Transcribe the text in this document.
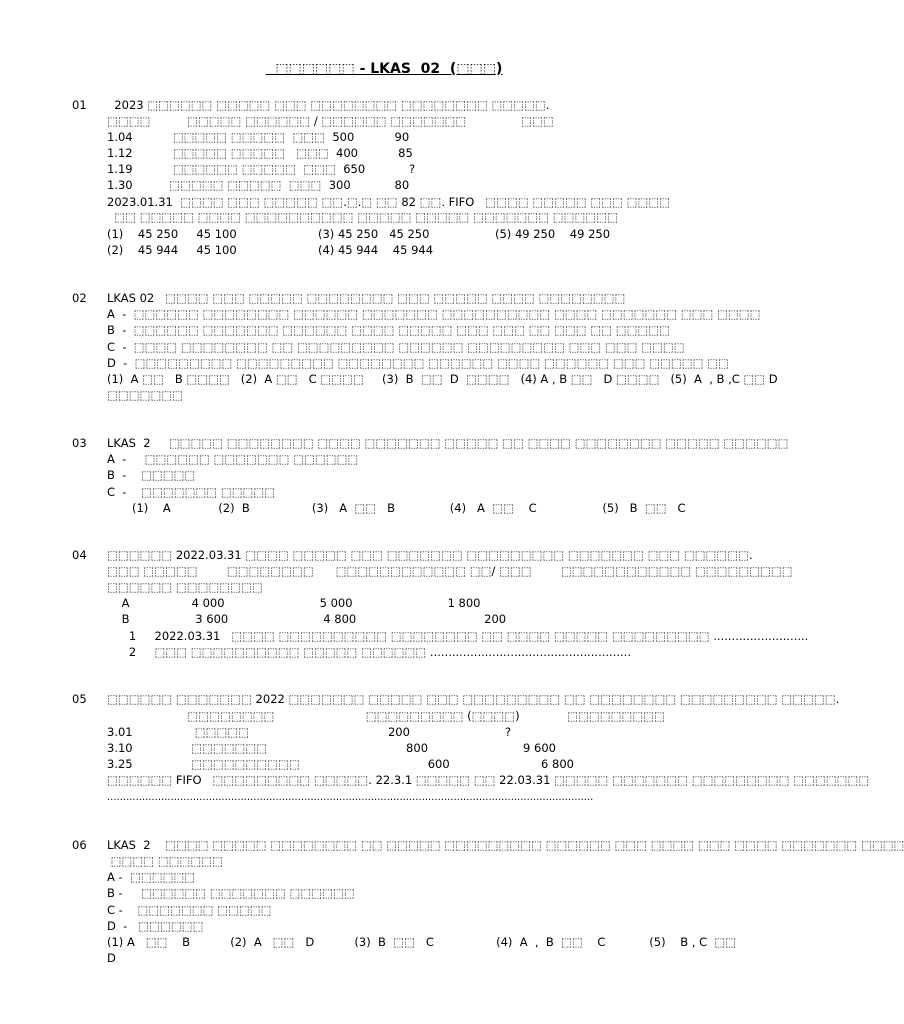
⬚⬚⬚⬚⬚⬚ - LKAS  02  (⬚⬚⬚)
01 2023 ⬚⬚⬚⬚⬚⬚ ⬚⬚⬚⬚⬚ ⬚⬚⬚ ⬚⬚⬚⬚⬚⬚⬚⬚ ⬚⬚⬚⬚⬚⬚⬚⬚ ⬚⬚⬚⬚⬚.
⬚⬚⬚⬚          ⬚⬚⬚⬚⬚ ⬚⬚⬚⬚⬚⬚ / ⬚⬚⬚⬚⬚⬚ ⬚⬚⬚⬚⬚⬚⬚               ⬚⬚⬚
1.04           ⬚⬚⬚⬚⬚ ⬚⬚⬚⬚⬚  ⬚⬚⬚  500           90
1.12           ⬚⬚⬚⬚⬚ ⬚⬚⬚⬚⬚   ⬚⬚⬚  400           85
1.19           ⬚⬚⬚⬚⬚⬚ ⬚⬚⬚⬚⬚  ⬚⬚⬚  650            ?
1.30          ⬚⬚⬚⬚⬚ ⬚⬚⬚⬚⬚  ⬚⬚⬚  300            80
2023.01.31  ⬚⬚⬚⬚ ⬚⬚⬚ ⬚⬚⬚⬚⬚ ⬚⬚.⬚.⬚ ⬚⬚ 82 ⬚⬚. FIFO   ⬚⬚⬚⬚ ⬚⬚⬚⬚⬚ ⬚⬚⬚ ⬚⬚⬚⬚
⬚⬚ ⬚⬚⬚⬚⬚ ⬚⬚⬚⬚ ⬚⬚⬚⬚⬚⬚⬚⬚⬚⬚ ⬚⬚⬚⬚⬚ ⬚⬚⬚⬚⬚ ⬚⬚⬚⬚⬚⬚⬚ ⬚⬚⬚⬚⬚⬚
(1)    45 250     45 100	(3) 45 250   45 250	(5) 49 250    49 250
(2)    45 944     45 100	(4) 45 944    45 944
02 LKAS 02   ⬚⬚⬚⬚ ⬚⬚⬚ ⬚⬚⬚⬚⬚ ⬚⬚⬚⬚⬚⬚⬚⬚ ⬚⬚⬚ ⬚⬚⬚⬚⬚ ⬚⬚⬚⬚ ⬚⬚⬚⬚⬚⬚⬚⬚
A  -  ⬚⬚⬚⬚⬚⬚ ⬚⬚⬚⬚⬚⬚⬚⬚ ⬚⬚⬚⬚⬚⬚ ⬚⬚⬚⬚⬚⬚⬚ ⬚⬚⬚⬚⬚⬚⬚⬚⬚⬚ ⬚⬚⬚⬚ ⬚⬚⬚⬚⬚⬚⬚ ⬚⬚⬚ ⬚⬚⬚⬚
B  -  ⬚⬚⬚⬚⬚⬚ ⬚⬚⬚⬚⬚⬚⬚ ⬚⬚⬚⬚⬚⬚ ⬚⬚⬚⬚ ⬚⬚⬚⬚⬚ ⬚⬚⬚ ⬚⬚⬚ ⬚⬚ ⬚⬚⬚ ⬚⬚ ⬚⬚⬚⬚⬚
C  -  ⬚⬚⬚⬚ ⬚⬚⬚⬚⬚⬚⬚⬚ ⬚⬚ ⬚⬚⬚⬚⬚⬚⬚⬚⬚ ⬚⬚⬚⬚⬚⬚ ⬚⬚⬚⬚⬚⬚⬚⬚⬚ ⬚⬚⬚ ⬚⬚⬚ ⬚⬚⬚⬚
D  -  ⬚⬚⬚⬚⬚⬚⬚⬚⬚ ⬚⬚⬚⬚⬚⬚⬚⬚⬚ ⬚⬚⬚⬚⬚⬚⬚⬚ ⬚⬚⬚⬚⬚⬚ ⬚⬚⬚⬚ ⬚⬚⬚⬚⬚⬚ ⬚⬚⬚ ⬚⬚⬚⬚⬚ ⬚⬚
(1)  A ⬚⬚   B ⬚⬚⬚⬚   (2)  A ⬚⬚   C ⬚⬚⬚⬚     (3)  B  ⬚⬚  D  ⬚⬚⬚⬚   (4) A , B ⬚⬚   D ⬚⬚⬚⬚   (5)  A  , B ,C ⬚⬚ D
⬚⬚⬚⬚⬚⬚⬚
03 LKAS  2     ⬚⬚⬚⬚⬚ ⬚⬚⬚⬚⬚⬚⬚⬚ ⬚⬚⬚⬚ ⬚⬚⬚⬚⬚⬚⬚ ⬚⬚⬚⬚⬚ ⬚⬚ ⬚⬚⬚⬚ ⬚⬚⬚⬚⬚⬚⬚⬚ ⬚⬚⬚⬚⬚ ⬚⬚⬚⬚⬚⬚
A  -     ⬚⬚⬚⬚⬚⬚ ⬚⬚⬚⬚⬚⬚⬚ ⬚⬚⬚⬚⬚⬚
B  -    ⬚⬚⬚⬚⬚
C  -    ⬚⬚⬚⬚⬚⬚⬚ ⬚⬚⬚⬚⬚
(1)    A             (2)  B                 (3)   A  ⬚⬚   B               (4)   A  ⬚⬚    C                  (5)   B  ⬚⬚   C
04 ⬚⬚⬚⬚⬚⬚ 2022.03.31 ⬚⬚⬚⬚ ⬚⬚⬚⬚⬚ ⬚⬚⬚ ⬚⬚⬚⬚⬚⬚⬚ ⬚⬚⬚⬚⬚⬚⬚⬚⬚ ⬚⬚⬚⬚⬚⬚⬚ ⬚⬚⬚ ⬚⬚⬚⬚⬚⬚.
⬚⬚⬚ ⬚⬚⬚⬚⬚        ⬚⬚⬚⬚⬚⬚⬚⬚      ⬚⬚⬚⬚⬚⬚⬚⬚⬚⬚⬚⬚ ⬚⬚/ ⬚⬚⬚        ⬚⬚⬚⬚⬚⬚⬚⬚⬚⬚⬚⬚ ⬚⬚⬚⬚⬚⬚⬚⬚⬚
⬚⬚⬚⬚⬚⬚ ⬚⬚⬚⬚⬚⬚⬚⬚
A                 4 000                          5 000                          1 800
B                  3 600                          4 800                                   200
1     2022.03.31   ⬚⬚⬚⬚ ⬚⬚⬚⬚⬚⬚⬚⬚⬚⬚ ⬚⬚⬚⬚⬚⬚⬚⬚ ⬚⬚ ⬚⬚⬚⬚ ⬚⬚⬚⬚⬚ ⬚⬚⬚⬚⬚⬚⬚⬚⬚ ..........................
2     ⬚⬚⬚ ⬚⬚⬚⬚⬚⬚⬚⬚⬚⬚ ⬚⬚⬚⬚⬚ ⬚⬚⬚⬚⬚⬚ .......................................................
05 ⬚⬚⬚⬚⬚⬚ ⬚⬚⬚⬚⬚⬚⬚ 2022 ⬚⬚⬚⬚⬚⬚⬚ ⬚⬚⬚⬚⬚ ⬚⬚⬚ ⬚⬚⬚⬚⬚⬚⬚⬚⬚ ⬚⬚ ⬚⬚⬚⬚⬚⬚⬚⬚ ⬚⬚⬚⬚⬚⬚⬚⬚⬚ ⬚⬚⬚⬚⬚.
⬚⬚⬚⬚⬚⬚⬚⬚                         ⬚⬚⬚⬚⬚⬚⬚⬚⬚ (⬚⬚⬚⬚)             ⬚⬚⬚⬚⬚⬚⬚⬚⬚
3.01                 ⬚⬚⬚⬚⬚                                      200                          ?
3.10                ⬚⬚⬚⬚⬚⬚⬚                                      800                          9 600
3.25                ⬚⬚⬚⬚⬚⬚⬚⬚⬚⬚                                   600                         6 800
⬚⬚⬚⬚⬚⬚ FIFO   ⬚⬚⬚⬚⬚⬚⬚⬚⬚ ⬚⬚⬚⬚⬚. 22.3.1 ⬚⬚⬚⬚⬚ ⬚⬚ 22.03.31 ⬚⬚⬚⬚⬚ ⬚⬚⬚⬚⬚⬚⬚ ⬚⬚⬚⬚⬚⬚⬚⬚⬚ ⬚⬚⬚⬚⬚⬚⬚
.........................................................................................................................................................
06 LKAS  2    ⬚⬚⬚⬚ ⬚⬚⬚⬚⬚ ⬚⬚⬚⬚⬚⬚⬚⬚ ⬚⬚ ⬚⬚⬚⬚⬚ ⬚⬚⬚⬚⬚⬚⬚⬚⬚ ⬚⬚⬚⬚⬚⬚ ⬚⬚⬚ ⬚⬚⬚⬚ ⬚⬚⬚ ⬚⬚⬚⬚ ⬚⬚⬚⬚⬚⬚⬚ ⬚⬚⬚⬚
⬚⬚⬚⬚ ⬚⬚⬚⬚⬚⬚
A -  ⬚⬚⬚⬚⬚⬚
B -     ⬚⬚⬚⬚⬚⬚ ⬚⬚⬚⬚⬚⬚⬚ ⬚⬚⬚⬚⬚⬚
C -    ⬚⬚⬚⬚⬚⬚⬚ ⬚⬚⬚⬚⬚
D  -   ⬚⬚⬚⬚⬚⬚
(1) A   ⬚⬚    B           (2)  A   ⬚⬚   D           (3)  B  ⬚⬚   C                 (4)  A  ,  B  ⬚⬚    C            (5)    B , C  ⬚⬚
D
